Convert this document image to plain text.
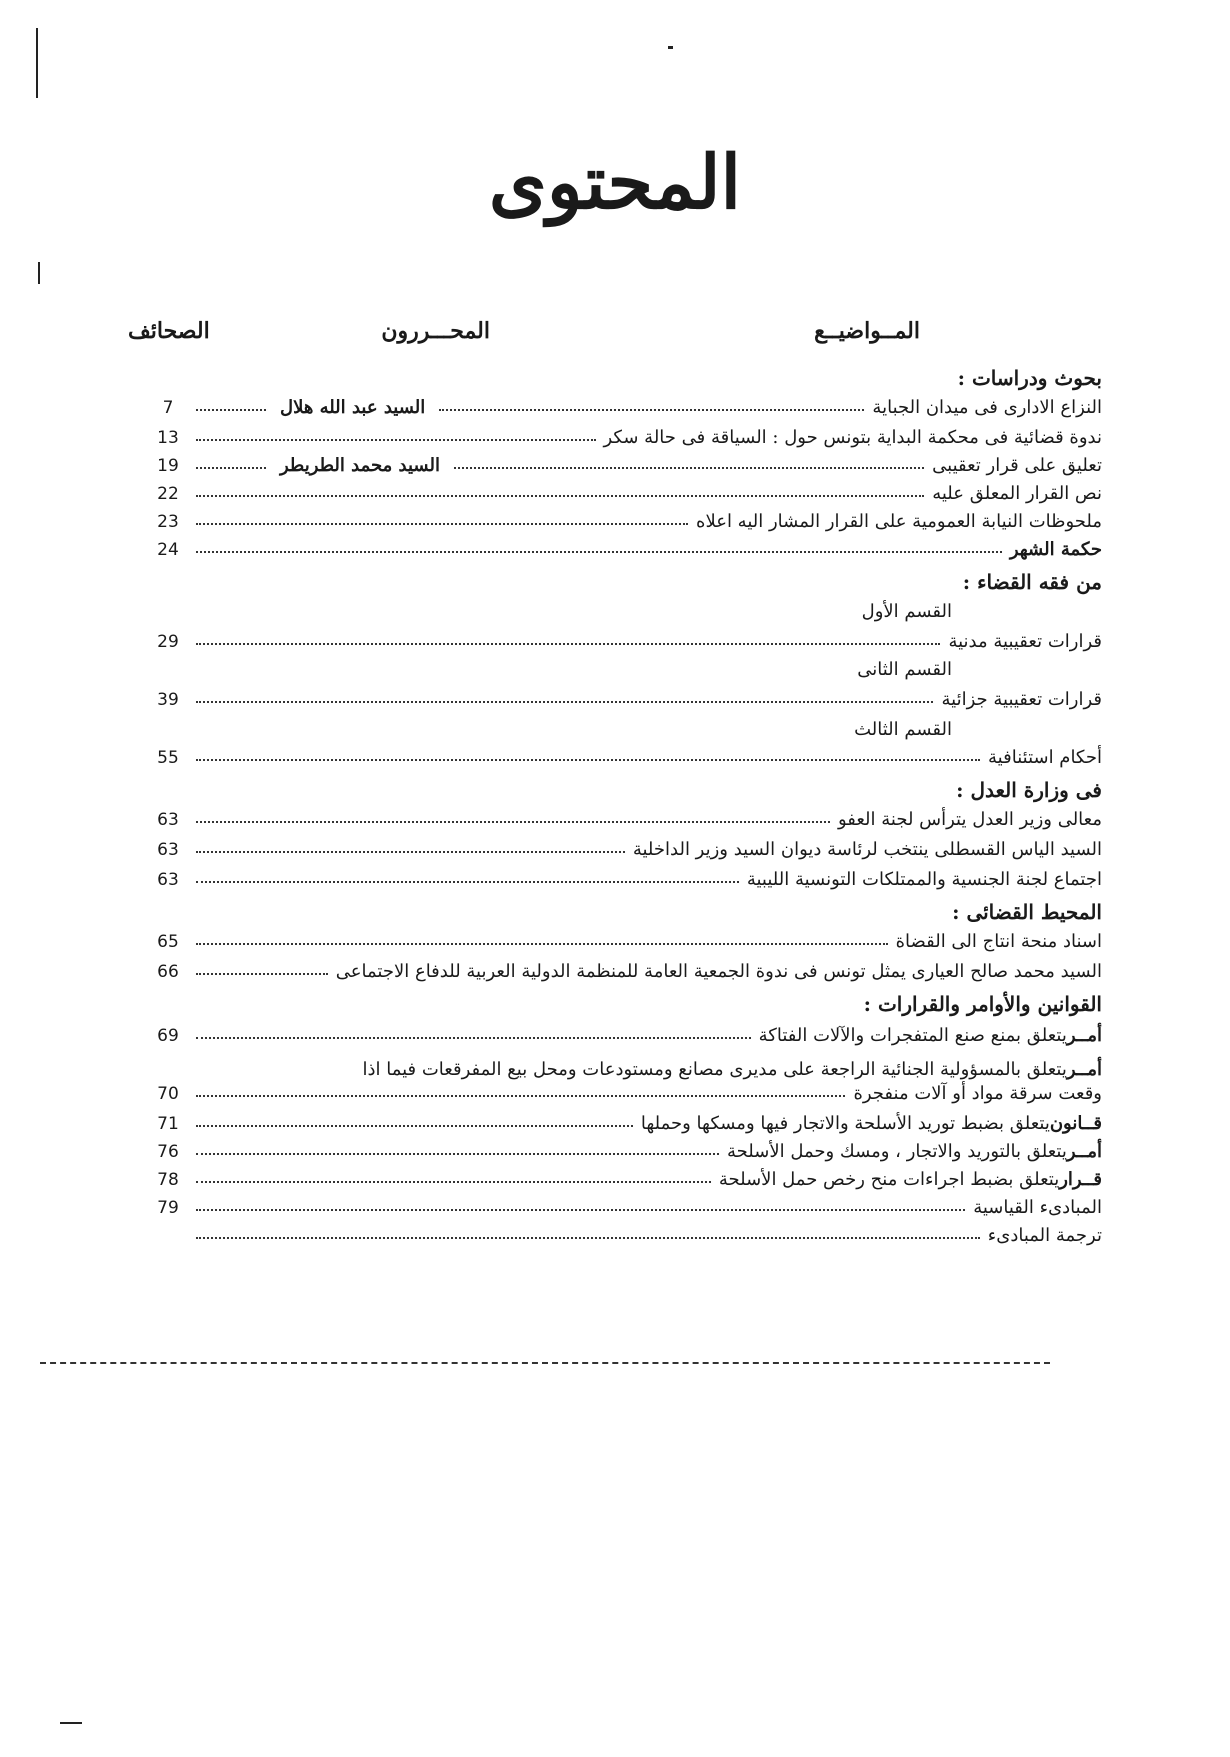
المحتوى
المــواضيــع
المحـــررون
الصحائف
بحوث ودراسات :
النزاع الادارى فى ميدان الجباية
السيد عبد الله هلال
7
ندوة قضائية فى محكمة البداية بتونس حول : السياقة فى حالة سكر
13
تعليق على قرار تعقيبى
السيد محمد الطريطر
19
نص القرار المعلق عليه
22
ملحوظات النيابة العمومية على القرار المشار اليه اعلاه
23
حكمة الشهر
24
من فقه القضاء :
القسم الأول
قرارات تعقيبية مدنية
29
القسم الثانى
قرارات تعقيبية جزائية
39
القسم الثالث
أحكام استئنافية
55
فى وزارة العدل :
معالى وزير العدل يترأس لجنة العفو
63
السيد الياس القسطلى ينتخب لرئاسة ديوان السيد وزير الداخلية
63
اجتماع لجنة الجنسية والممتلكات التونسية الليبية
63
المحيط القضائى :
اسناد منحة انتاج الى القضاة
65
السيد محمد صالح العيارى يمثل تونس فى ندوة الجمعية العامة للمنظمة الدولية العربية للدفاع الاجتماعى
66
القوانين والأوامر والقرارات :
أمــر
يتعلق بمنع صنع المتفجرات والآلات الفتاكة
69
أمــر
يتعلق بالمسؤولية الجنائية الراجعة على مديرى مصانع ومستودعات ومحل بيع المفرقعات فيما اذا
وقعت سرقة مواد أو آلات منفجرة
70
قــانون
يتعلق بضبط توريد الأسلحة والاتجار فيها ومسكها وحملها
71
أمــر
يتعلق بالتوريد والاتجار ، ومسك وحمل الأسلحة
76
قــرار
يتعلق بضبط اجراءات منح رخص حمل الأسلحة
78
المبادىء القياسية
79
ترجمة المبادىء
